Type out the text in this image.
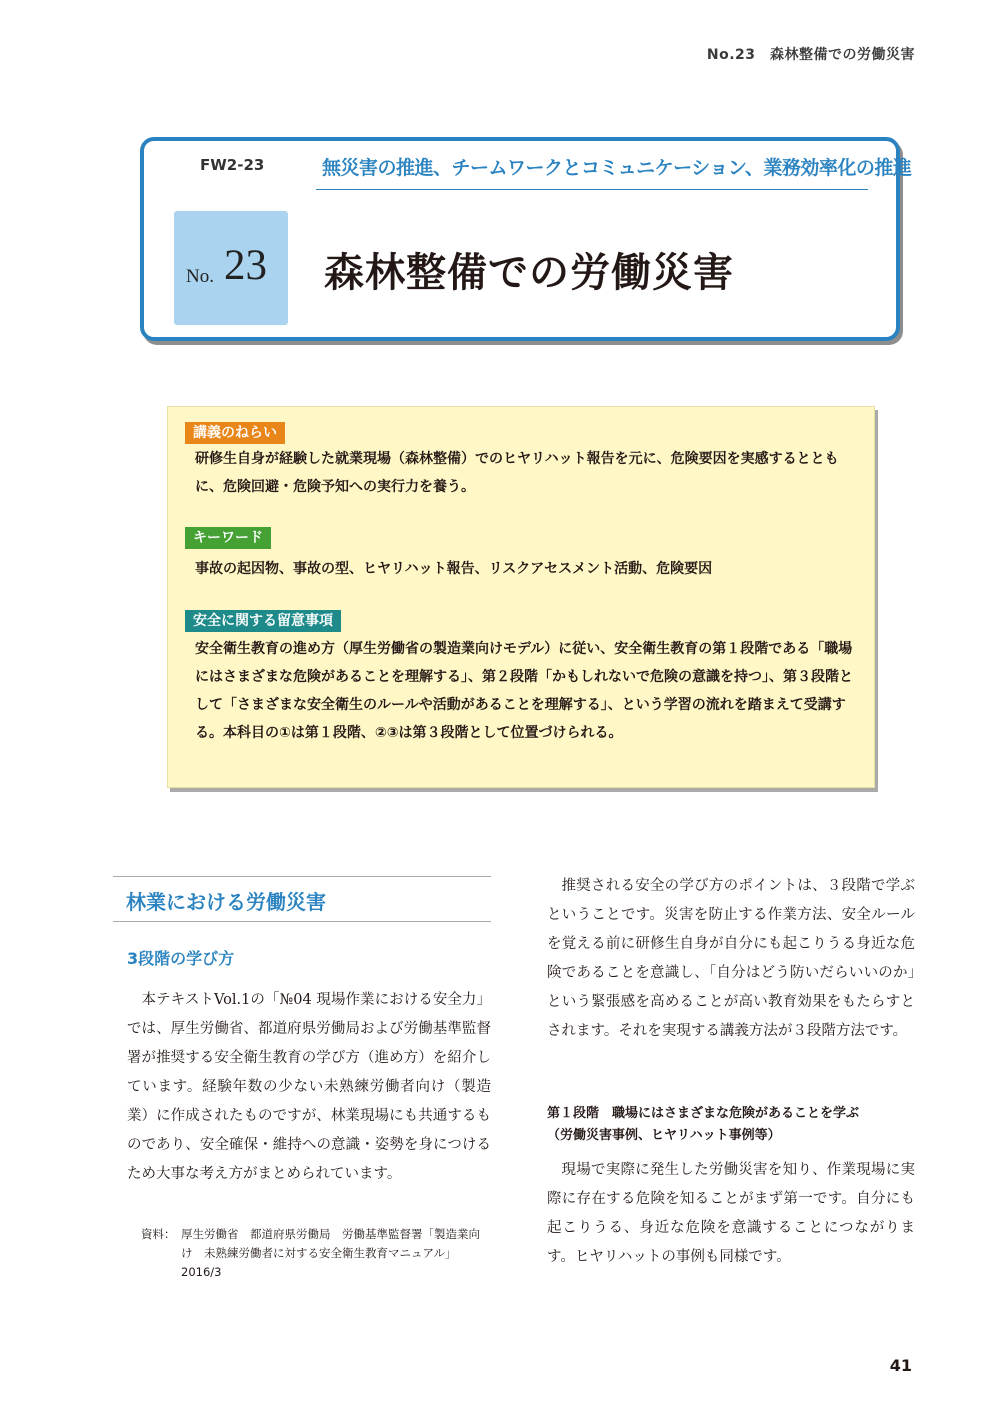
No.23　森林整備での労働災害
FW2-23	無災害の推進、チームワークとコミュニケーション、業務効率化の推進
No. 23 森林整備での労働災害
講義のねらい
研修生自身が経験した就業現場（森林整備）でのヒヤリハット報告を元に、危険要因を実感するとともに、危険回避・危険予知への実行力を養う。
キーワード
事故の起因物、事故の型、ヒヤリハット報告、リスクアセスメント活動、危険要因
安全に関する留意事項
安全衛生教育の進め方（厚生労働省の製造業向けモデル）に従い、安全衛生教育の第１段階である「職場にはさまざまな危険があることを理解する」、第２段階「かもしれないで危険の意識を持つ」、第３段階として「さまざまな安全衛生のルールや活動があることを理解する」、という学習の流れを踏まえて受講する。本科目の①は第１段階、②③は第３段階として位置づけられる。
林業における労働災害
3段階の学び方
本テキストVol.1の「№04 現場作業における安全力」では、厚生労働省、都道府県労働局および労働基準監督署が推奨する安全衛生教育の学び方（進め方）を紹介しています。経験年数の少ない未熟練労働者向け（製造業）に作成されたものですが、林業現場にも共通するものであり、安全確保・維持への意識・姿勢を身につけるため大事な考え方がまとめられています。
資料： 厚生労働省　都道府県労働局　労働基準監督署「製造業向け　未熟練労働者に対する安全衛生教育マニュアル」2016/3
推奨される安全の学び方のポイントは、３段階で学ぶということです。災害を防止する作業方法、安全ルールを覚える前に研修生自身が自分にも起こりうる身近な危険であることを意識し、「自分はどう防いだらいいのか」という緊張感を高めることが高い教育効果をもたらすとされます。それを実現する講義方法が３段階方法です。
第１段階　職場にはさまざまな危険があることを学ぶ
（労働災害事例、ヒヤリハット事例等）
現場で実際に発生した労働災害を知り、作業現場に実際に存在する危険を知ることがまず第一です。自分にも起こりうる、身近な危険を意識することにつながります。ヒヤリハットの事例も同様です。
41
